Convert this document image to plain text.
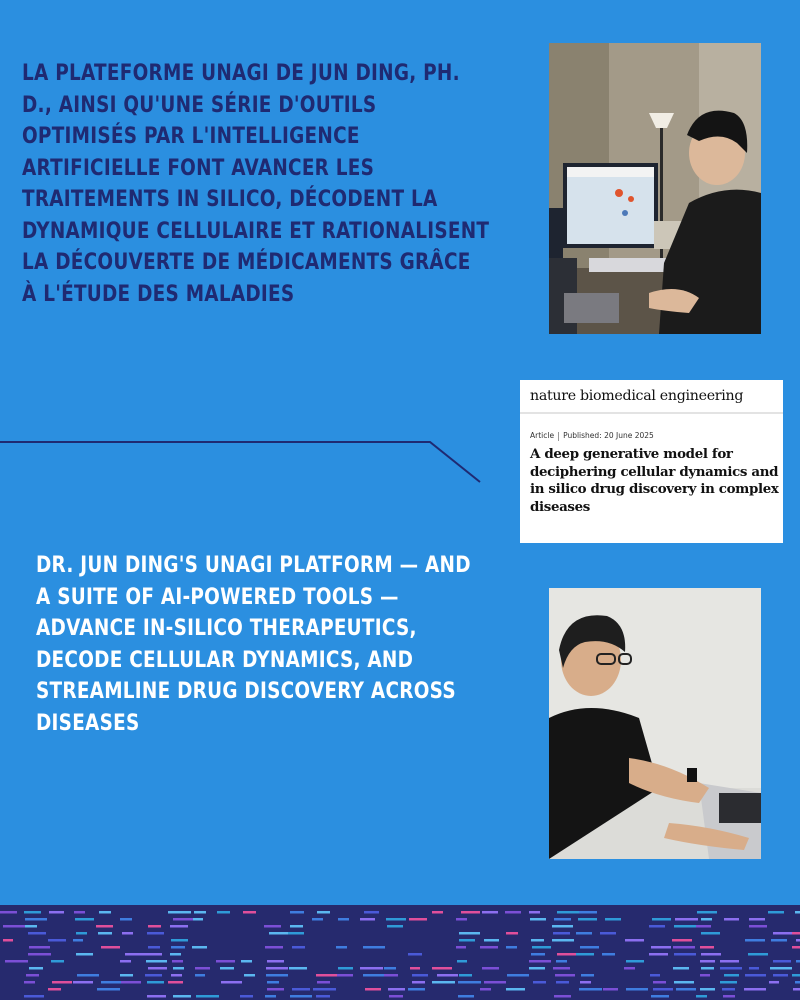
LA PLATEFORME UNAGI DE JUN DING, PH. D., AINSI QU'UNE SÉRIE D'OUTILS OPTIMISÉS PAR L'INTELLIGENCE ARTIFICIELLE FONT AVANCER LES TRAITEMENTS IN SILICO, DÉCODENT LA DYNAMIQUE CELLULAIRE ET RATIONALISENT LA DÉCOUVERTE DE MÉDICAMENTS GRÂCE À L'ÉTUDE DES MALADIES

nature biomedical engineering
Article Published: 20 June 2025

A deep generative model for deciphering cellular dynamics and in silico drug discovery in complex diseases

DR. JUN DING'S UNAGI PLATFORM — AND A SUITE OF AI-POWERED TOOLS — ADVANCE IN-SILICO THERAPEUTICS, DECODE CELLULAR DYNAMICS, AND STREAMLINE DRUG DISCOVERY ACROSS DISEASES
